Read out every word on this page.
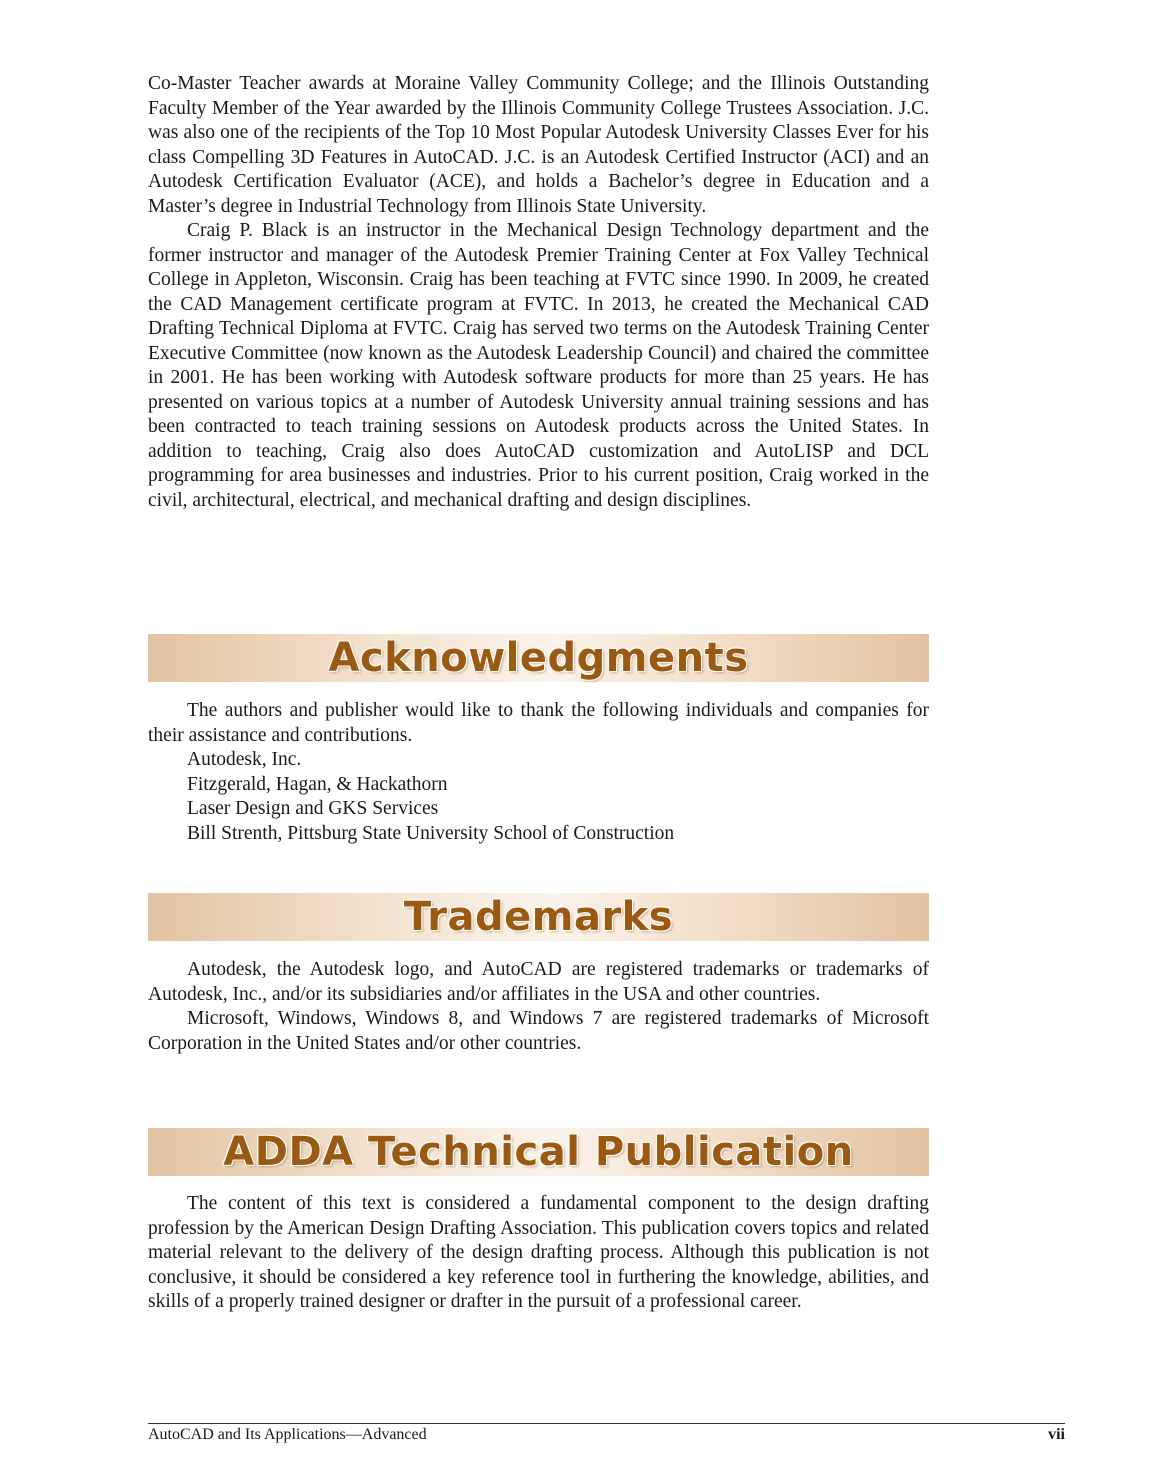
Co-Master Teacher awards at Moraine Valley Community College; and the Illinois Outstanding Faculty Member of the Year awarded by the Illinois Community College Trustees Association. J.C. was also one of the recipients of the Top 10 Most Popular Autodesk University Classes Ever for his class Compelling 3D Features in AutoCAD. J.C. is an Autodesk Certified Instructor (ACI) and an Autodesk Certification Evaluator (ACE), and holds a Bachelor’s degree in Education and a Master’s degree in Industrial Technology from Illinois State University.

Craig P. Black is an instructor in the Mechanical Design Technology department and the former instructor and manager of the Autodesk Premier Training Center at Fox Valley Technical College in Appleton, Wisconsin. Craig has been teaching at FVTC since 1990. In 2009, he created the CAD Management certificate program at FVTC. In 2013, he created the Mechanical CAD Drafting Technical Diploma at FVTC. Craig has served two terms on the Autodesk Training Center Executive Committee (now known as the Autodesk Leadership Council) and chaired the committee in 2001. He has been working with Autodesk software products for more than 25 years. He has presented on various topics at a number of Autodesk University annual training sessions and has been contracted to teach training sessions on Autodesk products across the United States. In addition to teaching, Craig also does AutoCAD customization and AutoLISP and DCL programming for area businesses and industries. Prior to his current position, Craig worked in the civil, architectural, electrical, and mechanical drafting and design disciplines.

Acknowledgments

The authors and publisher would like to thank the following individuals and companies for their assistance and contributions.

Autodesk, Inc.
Fitzgerald, Hagan, & Hackathorn
Laser Design and GKS Services
Bill Strenth, Pittsburg State University School of Construction
Trademarks

Autodesk, the Autodesk logo, and AutoCAD are registered trademarks or trademarks of Autodesk, Inc., and/or its subsidiaries and/or affiliates in the USA and other countries.

Microsoft, Windows, Windows 8, and Windows 7 are registered trademarks of Microsoft Corporation in the United States and/or other countries.

ADDA Technical Publication

The content of this text is considered a fundamental component to the design drafting profession by the American Design Drafting Association. This publication covers topics and related material relevant to the delivery of the design drafting process. Although this publication is not conclusive, it should be considered a key reference tool in furthering the knowledge, abilities, and skills of a properly trained designer or drafter in the pursuit of a professional career.

AutoCAD and Its Applications—Advanced	vii
